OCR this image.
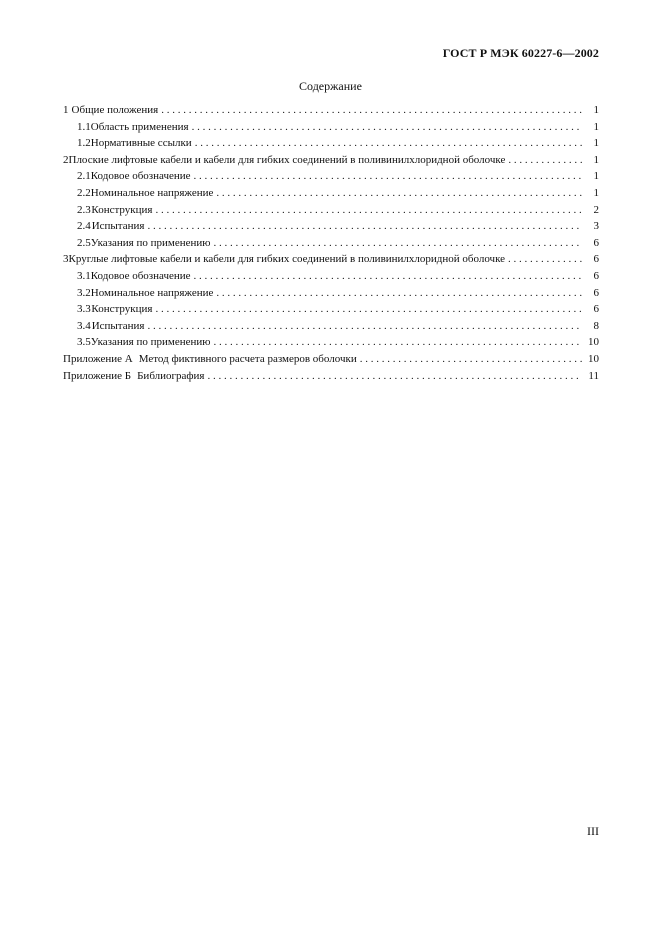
ГОСТ Р МЭК 60227-6—2002
Содержание
1 Общие положения . . .	1
1.1 Область применения . . .	1
1.2 Нормативные ссылки . . .	1
2 Плоские лифтовые кабели и кабели для гибких соединений в поливинилхлоридной оболочке . . .	1
2.1 Кодовое обозначение . . .	1
2.2 Номинальное напряжение . . .	1
2.3 Конструкция . . .	2
2.4 Испытания . . .	3
2.5 Указания по применению . . .	6
3 Круглые лифтовые кабели и кабели для гибких соединений в поливинилхлоридной оболочке . . .	6
3.1 Кодовое обозначение . . .	6
3.2 Номинальное напряжение . . .	6
3.3 Конструкция . . .	6
3.4 Испытания . . .	8
3.5 Указания по применению . . .	10
Приложение А Метод фиктивного расчета размеров оболочки . . .	10
Приложение Б Библиография . . .	11
III
